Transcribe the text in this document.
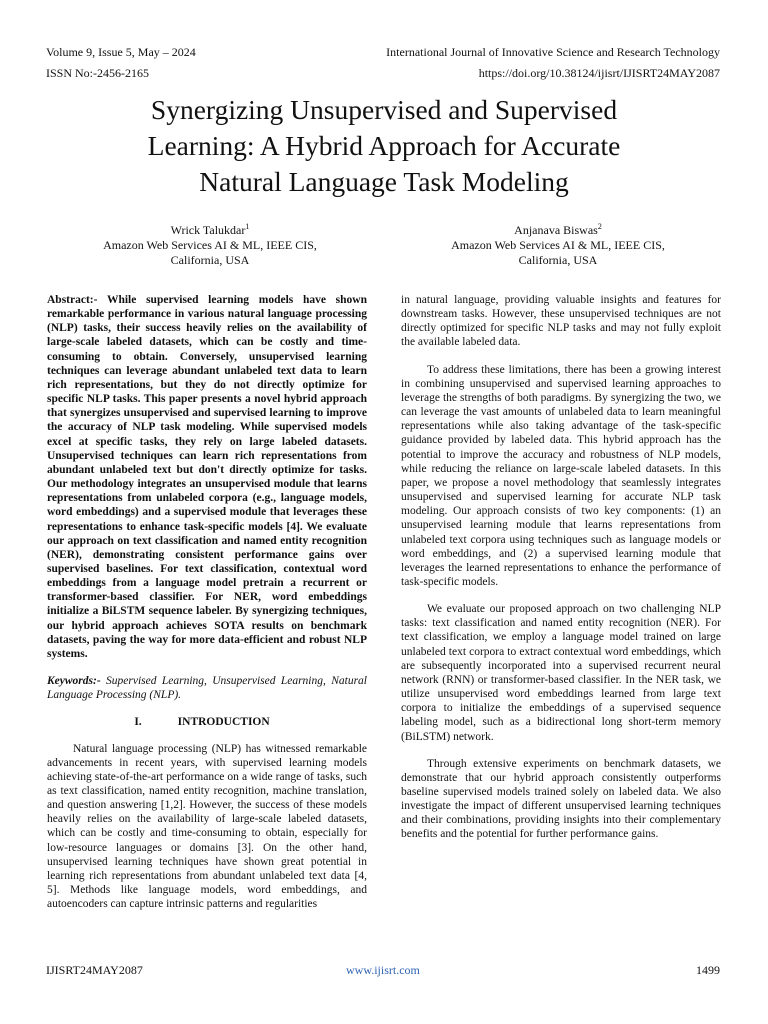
Volume 9, Issue 5, May – 2024	International Journal of Innovative Science and Research Technology
ISSN No:-2456-2165	https://doi.org/10.38124/ijisrt/IJISRT24MAY2087
Synergizing Unsupervised and Supervised
Learning: A Hybrid Approach for Accurate
Natural Language Task Modeling
Wrick Talukdar$^1$
Amazon Web Services AI & ML, IEEE CIS,
California, USA
Anjanava Biswas$^2$
Amazon Web Services AI & ML, IEEE CIS,
California, USA

Abstract:- While supervised learning models have shown remarkable performance in various natural language processing (NLP) tasks, their success heavily relies on the availability of large-scale labeled datasets, which can be costly and time-consuming to obtain. Conversely, unsupervised learning techniques can leverage abundant unlabeled text data to learn rich representations, but they do not directly optimize for specific NLP tasks. This paper presents a novel hybrid approach that synergizes unsupervised and supervised learning to improve the accuracy of NLP task modeling. While supervised models excel at specific tasks, they rely on large labeled datasets. Unsupervised techniques can learn rich representations from abundant unlabeled text but don't directly optimize for tasks. Our methodology integrates an unsupervised module that learns representations from unlabeled corpora (e.g., language models, word embeddings) and a supervised module that leverages these representations to enhance task-specific models [4]. We evaluate our approach on text classification and named entity recognition (NER), demonstrating consistent performance gains over supervised baselines. For text classification, contextual word embeddings from a language model pretrain a recurrent or transformer-based classifier. For NER, word embeddings initialize a BiLSTM sequence labeler. By synergizing techniques, our hybrid approach achieves SOTA results on benchmark datasets, paving the way for more data-efficient and robust NLP systems.

Keywords:- Supervised Learning, Unsupervised Learning, Natural Language Processing (NLP).

I.	INTRODUCTION

Natural language processing (NLP) has witnessed remarkable advancements in recent years, with supervised learning models achieving state-of-the-art performance on a wide range of tasks, such as text classification, named entity recognition, machine translation, and question answering [1,2]. However, the success of these models heavily relies on the availability of large-scale labeled datasets, which can be costly and time-consuming to obtain, especially for low-resource languages or domains [3]. On the other hand, unsupervised learning techniques have shown great potential in learning rich representations from abundant unlabeled text data [4, 5]. Methods like language models, word embeddings, and autoencoders can capture intrinsic patterns and regularities

in natural language, providing valuable insights and features for downstream tasks. However, these unsupervised techniques are not directly optimized for specific NLP tasks and may not fully exploit the available labeled data.

To address these limitations, there has been a growing interest in combining unsupervised and supervised learning approaches to leverage the strengths of both paradigms. By synergizing the two, we can leverage the vast amounts of unlabeled data to learn meaningful representations while also taking advantage of the task-specific guidance provided by labeled data. This hybrid approach has the potential to improve the accuracy and robustness of NLP models, while reducing the reliance on large-scale labeled datasets. In this paper, we propose a novel methodology that seamlessly integrates unsupervised and supervised learning for accurate NLP task modeling. Our approach consists of two key components: (1) an unsupervised learning module that learns representations from unlabeled text corpora using techniques such as language models or word embeddings, and (2) a supervised learning module that leverages the learned representations to enhance the performance of task-specific models.

We evaluate our proposed approach on two challenging NLP tasks: text classification and named entity recognition (NER). For text classification, we employ a language model trained on large unlabeled text corpora to extract contextual word embeddings, which are subsequently incorporated into a supervised recurrent neural network (RNN) or transformer-based classifier. In the NER task, we utilize unsupervised word embeddings learned from large text corpora to initialize the embeddings of a supervised sequence labeling model, such as a bidirectional long short-term memory (BiLSTM) network.

Through extensive experiments on benchmark datasets, we demonstrate that our hybrid approach consistently outperforms baseline supervised models trained solely on labeled data. We also investigate the impact of different unsupervised learning techniques and their combinations, providing insights into their complementary benefits and the potential for further performance gains.

IJISRT24MAY2087	www.ijisrt.com	1499
